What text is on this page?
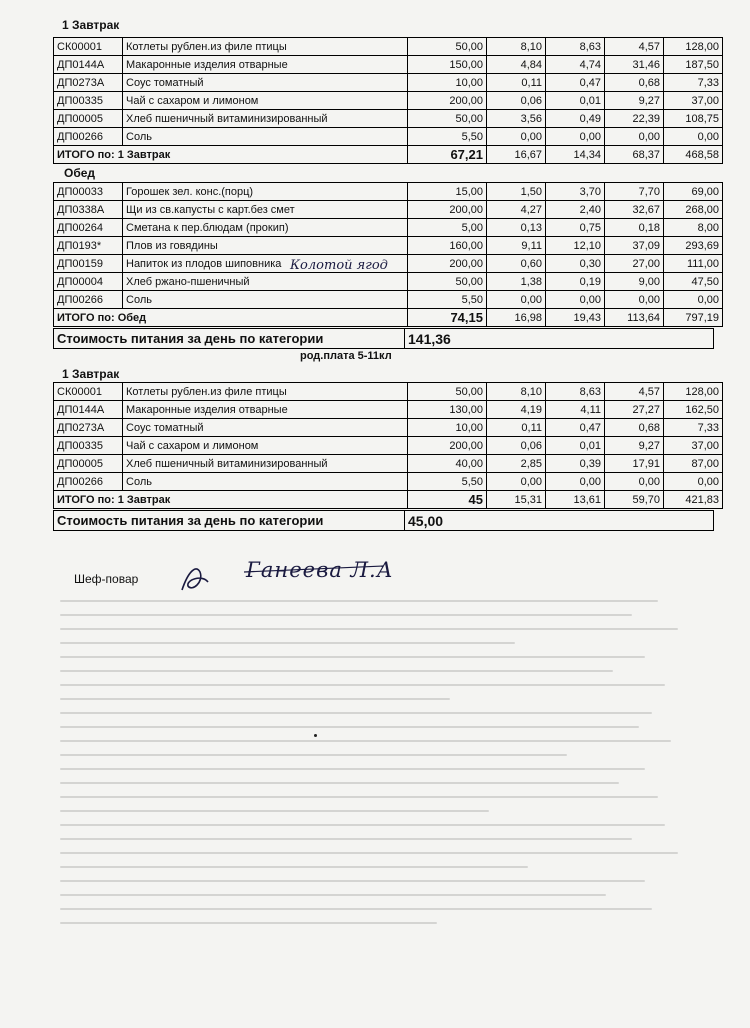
1 Завтрак
СК00001	Котлеты рублен.из филе птицы	50,00	8,10	8,63	4,57	128,00
ДП0144А	Макаронные изделия отварные	150,00	4,84	4,74	31,46	187,50
ДП0273А	Соус томатный	10,00	0,11	0,47	0,68	7,33
ДП00335	Чай с сахаром и лимоном	200,00	0,06	0,01	9,27	37,00
ДП00005	Хлеб пшеничный витаминизированный	50,00	3,56	0,49	22,39	108,75
ДП00266	Соль	5,50	0,00	0,00	0,00	0,00
ИТОГО по: 1 Завтрак		67,21	16,67	14,34	68,37	468,58
Обед
ДП00033	Горошек зел. конс.(порц)	15,00	1,50	3,70	7,70	69,00
ДП0338А	Щи из св.капусты с карт.без смет	200,00	4,27	2,40	32,67	268,00
ДП00264	Сметана к пер.блюдам (прокип)	5,00	0,13	0,75	0,18	8,00
ДП0193*	Плов из говядины	160,00	9,11	12,10	37,09	293,69
ДП00159	Напиток из плодов шиповника	200,00	0,60	0,30	27,00	111,00
ДП00004	Хлеб ржано-пшеничный	50,00	1,38	0,19	9,00	47,50
ДП00266	Соль	5,50	0,00	0,00	0,00	0,00
ИТОГО по: Обед		74,15	16,98	19,43	113,64	797,19
Стоимость питания за день по категории	141,36
род.плата 5-11кл
1 Завтрак
СК00001	Котлеты рублен.из филе птицы	50,00	8,10	8,63	4,57	128,00
ДП0144А	Макаронные изделия отварные	130,00	4,19	4,11	27,27	162,50
ДП0273А	Соус томатный	10,00	0,11	0,47	0,68	7,33
ДП00335	Чай с сахаром и лимоном	200,00	0,06	0,01	9,27	37,00
ДП00005	Хлеб пшеничный витаминизированный	40,00	2,85	0,39	17,91	87,00
ДП00266	Соль	5,50	0,00	0,00	0,00	0,00
ИТОГО по: 1 Завтрак		45	15,31	13,61	59,70	421,83
Стоимость питания за день по категории	45,00
Колотой ягод
Шеф-повар	Ганеева Л.А
